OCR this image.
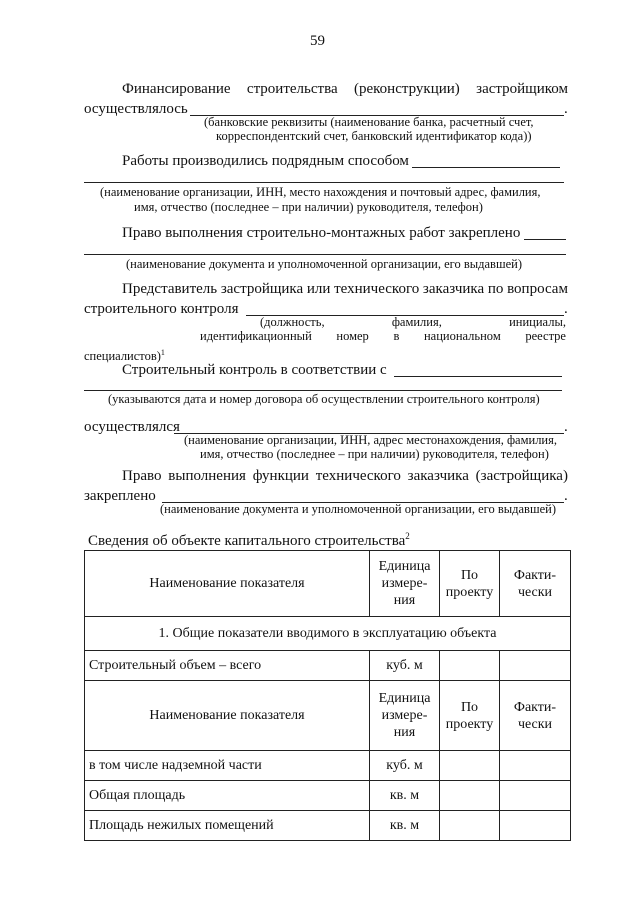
59
Финансирование строительства (реконструкции) застройщиком
осуществлялось	.
(банковские реквизиты (наименование банка, расчетный счет,
корреспондентский счет, банковский идентификатор кода))
Работы производились подрядным способом
(наименование организации, ИНН, место нахождения и почтовый адрес, фамилия,
имя, отчество (последнее – при наличии) руководителя, телефон)
Право выполнения строительно-монтажных работ закреплено
(наименование документа и уполномоченной организации, его выдавшей)
Представитель застройщика или технического заказчика по вопросам
строительного контроля	.
(должность,	фамилия,	инициалы,
идентификационный номер в национальном реестре
специалистов)$^1$
Строительный контроль в соответствии с
(указываются дата и номер договора об осуществлении строительного контроля)
осуществлялся	.
(наименование организации, ИНН, адрес местонахождения, фамилия,
имя, отчество (последнее – при наличии) руководителя, телефон)
Право выполнения функции технического заказчика (застройщика)
закреплено	.
(наименование документа и уполномоченной организации, его выдавшей)
Сведения об объекте капитального строительства$^2$
Наименование показателя	Единица измере-ния	По проекту	Факти-чески
1. Общие показатели вводимого в эксплуатацию объекта			
Строительный объем – всего	куб. м		
Наименование показателя	Единица измере-ния	По проекту	Факти-чески
в том числе надземной части	куб. м		
Общая площадь	кв. м		
Площадь нежилых помещений	кв. м		
